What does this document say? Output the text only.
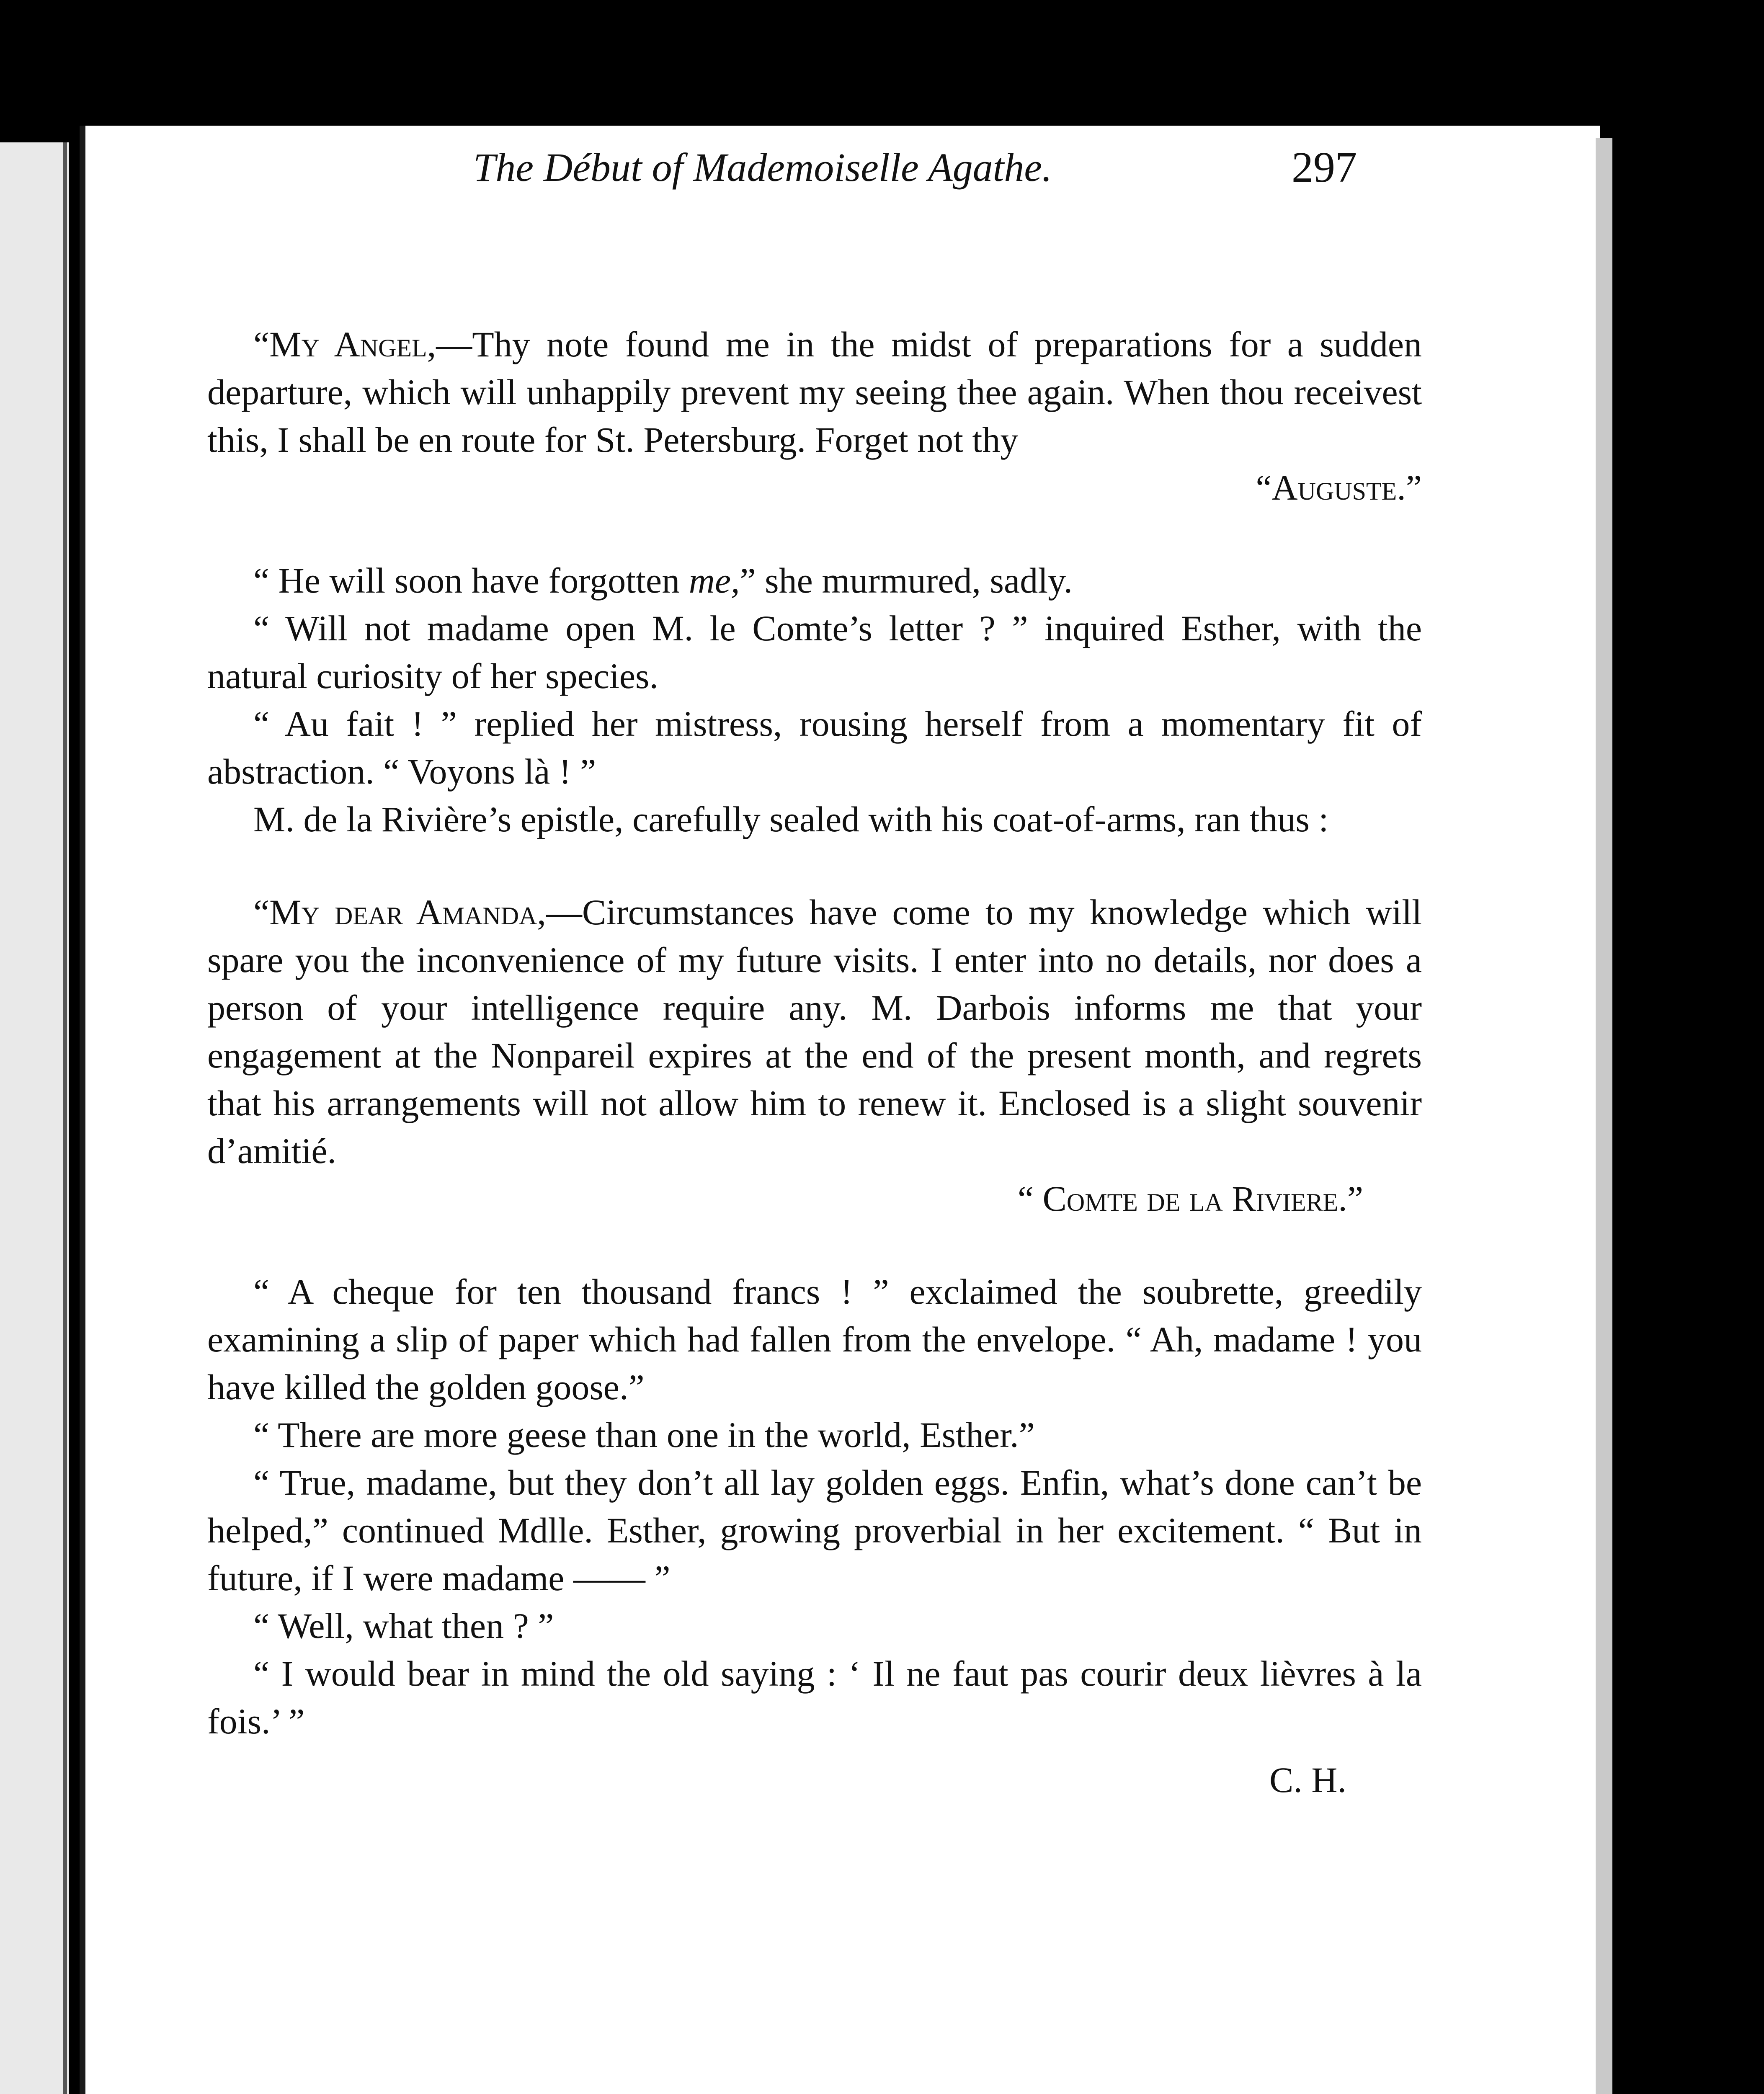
The Début of Mademoiselle Agathe.	297

“My Angel,—Thy note found me in the midst of preparations for a sudden departure, which will unhappily prevent my seeing thee again. When thou receivest this, I shall be en route for St. Petersburg. Forget not thy

“Auguste.”

“ He will soon have forgotten me,” she murmured, sadly.

“ Will not madame open M. le Comte’s letter ? ” inquired Esther, with the natural curiosity of her species.

“ Au fait ! ” replied her mistress, rousing herself from a momentary fit of abstraction. “ Voyons là ! ”

M. de la Rivière’s epistle, carefully sealed with his coat-of-arms, ran thus :

“My dear Amanda,—Circumstances have come to my knowledge which will spare you the inconvenience of my future visits. I enter into no details, nor does a person of your intelligence require any. M. Darbois informs me that your engagement at the Nonpareil expires at the end of the present month, and regrets that his arrangements will not allow him to renew it. Enclosed is a slight souvenir d’amitié.

“ Comte de la Riviere.”

“ A cheque for ten thousand francs ! ” exclaimed the soubrette, greedily examining a slip of paper which had fallen from the envelope. “ Ah, madame ! you have killed the golden goose.”

“ There are more geese than one in the world, Esther.”

“ True, madame, but they don’t all lay golden eggs. Enfin, what’s done can’t be helped,” continued Mdlle. Esther, growing proverbial in her excitement. “ But in future, if I were madame —— ”

“ Well, what then ? ”

“ I would bear in mind the old saying : ‘ Il ne faut pas courir deux lièvres à la fois.’ ”

C. H.
